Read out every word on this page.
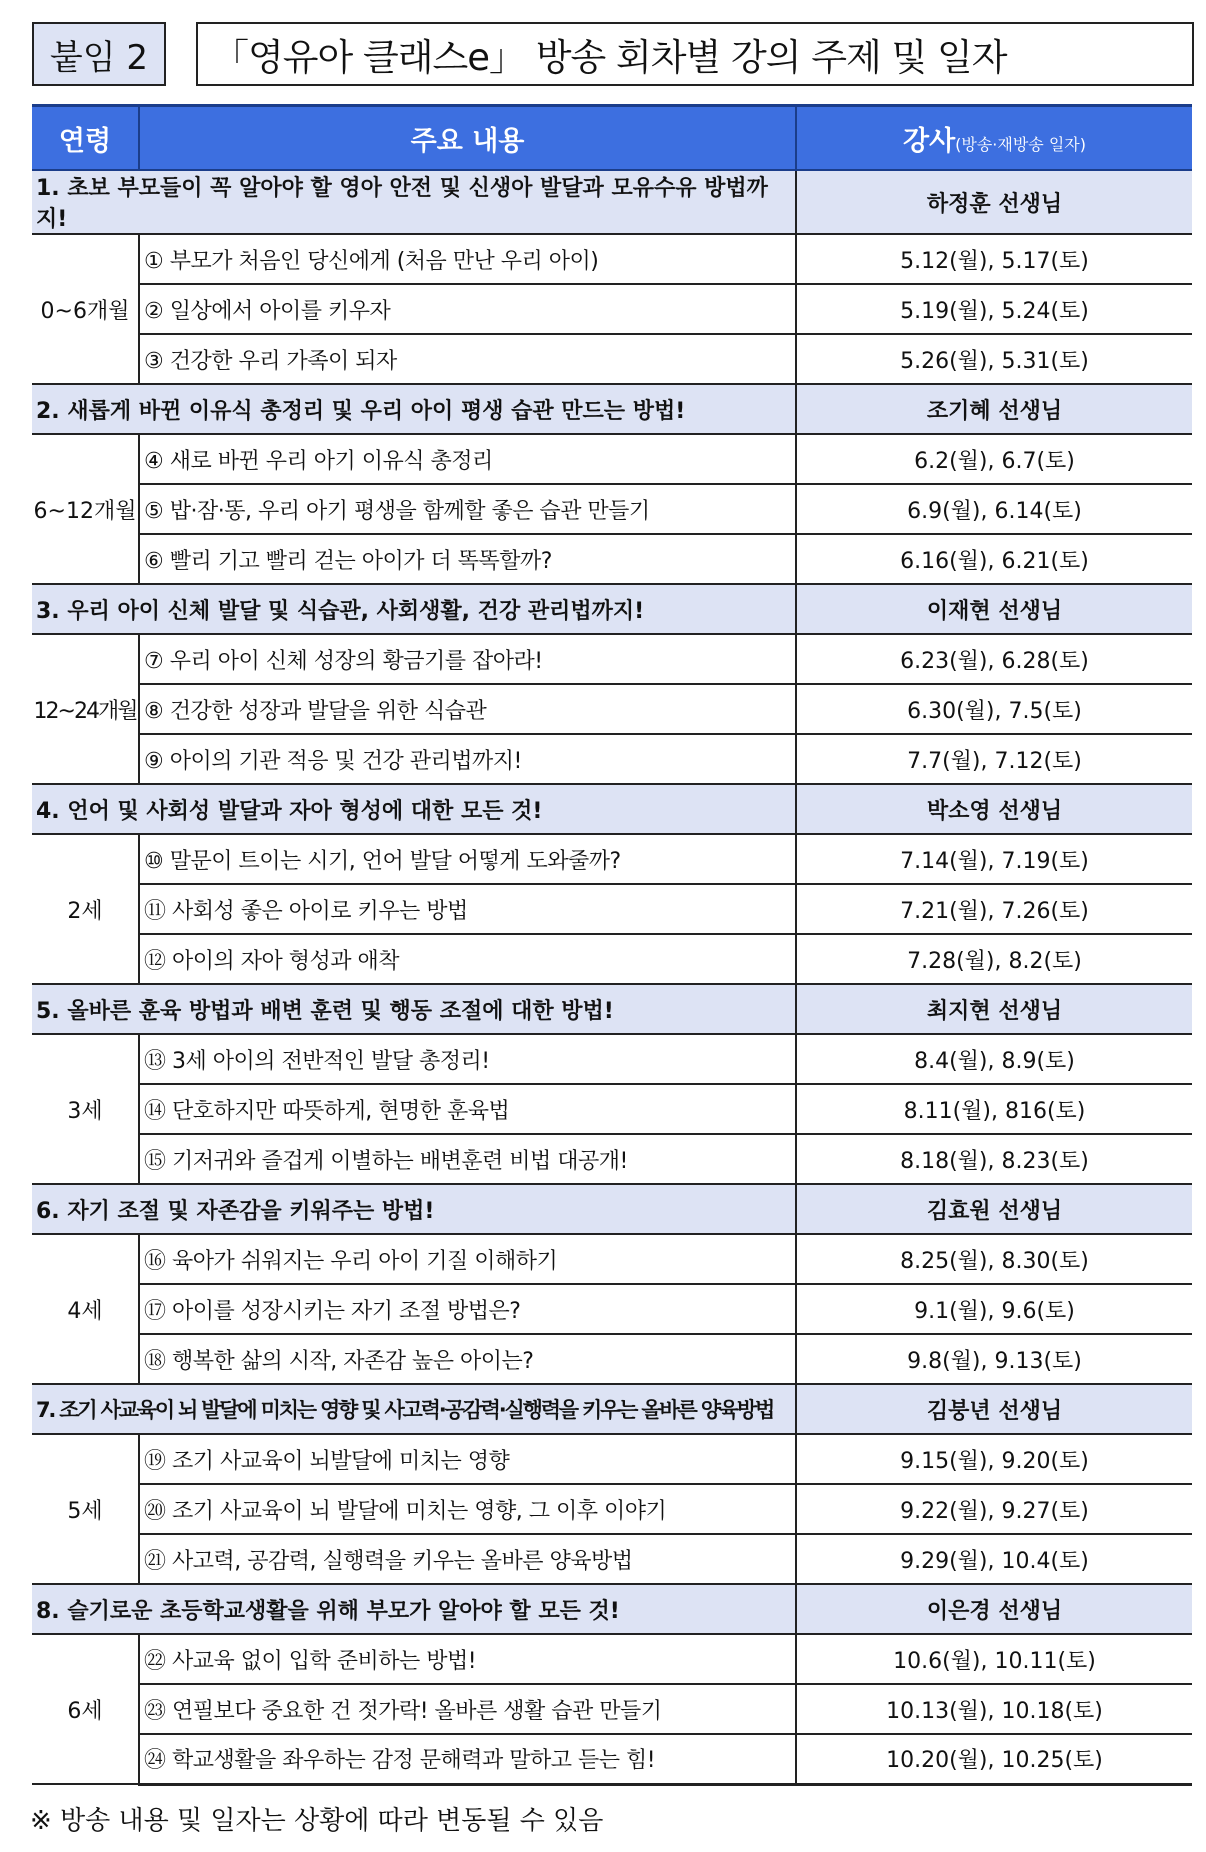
붙임 2	「영유아 클래스e」 방송 회차별 강의 주제 및 일자
연령	주요 내용	강사(방송·재방송 일자)
1. 초보 부모들이 꼭 알아야 할 영아 안전 및 신생아 발달과 모유수유 방법까지!		하정훈 선생님
0~6개월	① 부모가 처음인 당신에게 (처음 만난 우리 아이)	5.12(월), 5.17(토)
	② 일상에서 아이를 키우자	5.19(월), 5.24(토)
	③ 건강한 우리 가족이 되자	5.26(월), 5.31(토)
2. 새롭게 바뀐 이유식 총정리 및 우리 아이 평생 습관 만드는 방법!		조기혜 선생님
6~12개월	④ 새로 바뀐 우리 아기 이유식 총정리	6.2(월), 6.7(토)
	⑤ 밥·잠·똥, 우리 아기 평생을 함께할 좋은 습관 만들기	6.9(월), 6.14(토)
	⑥ 빨리 기고 빨리 걷는 아이가 더 똑똑할까?	6.16(월), 6.21(토)
3. 우리 아이 신체 발달 및 식습관, 사회생활, 건강 관리법까지!		이재현 선생님
12~24개월	⑦ 우리 아이 신체 성장의 황금기를 잡아라!	6.23(월), 6.28(토)
	⑧ 건강한 성장과 발달을 위한 식습관	6.30(월), 7.5(토)
	⑨ 아이의 기관 적응 및 건강 관리법까지!	7.7(월), 7.12(토)
4. 언어 및 사회성 발달과 자아 형성에 대한 모든 것!		박소영 선생님
2세	⑩ 말문이 트이는 시기, 언어 발달 어떻게 도와줄까?	7.14(월), 7.19(토)
	⑪ 사회성 좋은 아이로 키우는 방법	7.21(월), 7.26(토)
	⑫ 아이의 자아 형성과 애착	7.28(월), 8.2(토)
5. 올바른 훈육 방법과 배변 훈련 및 행동 조절에 대한 방법!		최지현 선생님
3세	⑬ 3세 아이의 전반적인 발달 총정리!	8.4(월), 8.9(토)
	⑭ 단호하지만 따뜻하게, 현명한 훈육법	8.11(월), 816(토)
	⑮ 기저귀와 즐겁게 이별하는 배변훈련 비법 대공개!	8.18(월), 8.23(토)
6. 자기 조절 및 자존감을 키워주는 방법!		김효원 선생님
4세	⑯ 육아가 쉬워지는 우리 아이 기질 이해하기	8.25(월), 8.30(토)
	⑰ 아이를 성장시키는 자기 조절 방법은?	9.1(월), 9.6(토)
	⑱ 행복한 삶의 시작, 자존감 높은 아이는?	9.8(월), 9.13(토)
7. 조기 사교육이 뇌 발달에 미치는 영향 및 사고력·공감력·실행력을 키우는 올바른 양육방법		김붕년 선생님
5세	⑲ 조기 사교육이 뇌발달에 미치는 영향	9.15(월), 9.20(토)
	⑳ 조기 사교육이 뇌 발달에 미치는 영향, 그 이후 이야기	9.22(월), 9.27(토)
	㉑ 사고력, 공감력, 실행력을 키우는 올바른 양육방법	9.29(월), 10.4(토)
8. 슬기로운 초등학교생활을 위해 부모가 알아야 할 모든 것!		이은경 선생님
6세	㉒ 사교육 없이 입학 준비하는 방법!	10.6(월), 10.11(토)
	㉓ 연필보다 중요한 건 젓가락! 올바른 생활 습관 만들기	10.13(월), 10.18(토)
	㉔ 학교생활을 좌우하는 감정 문해력과 말하고 듣는 힘!	10.20(월), 10.25(토)
※ 방송 내용 및 일자는 상황에 따라 변동될 수 있음
